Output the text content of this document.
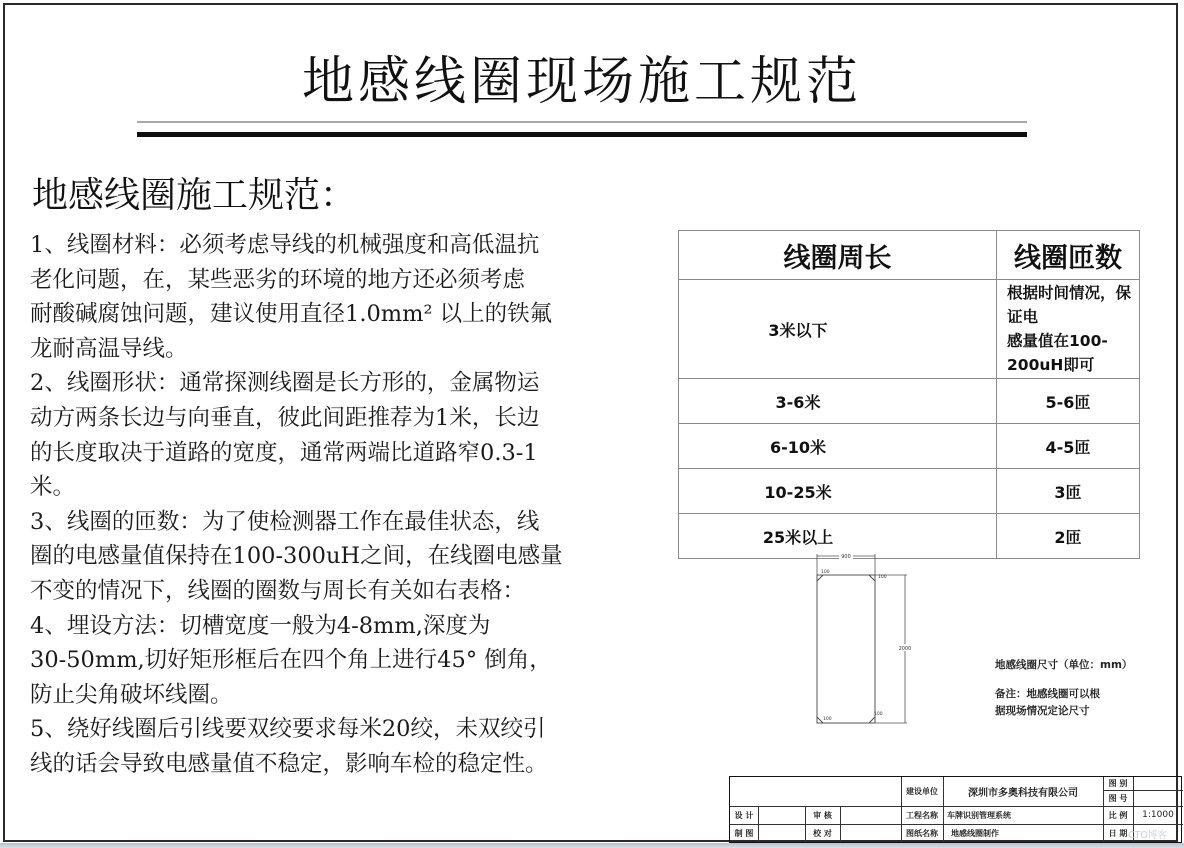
地感线圈现场施工规范
地感线圈施工规范：

1、线圈材料：必须考虑导线的机械强度和高低温抗

老化问题，在，某些恶劣的环境的地方还必须考虑

耐酸碱腐蚀问题，建议使用直径1.0mm² 以上的铁氟

龙耐高温导线。

2、线圈形状：通常探测线圈是长方形的，金属物运

动方两条长边与向垂直，彼此间距推荐为1米，长边

的长度取决于道路的宽度，通常两端比道路窄0.3-1

米。

3、线圈的匝数：为了使检测器工作在最佳状态，线

圈的电感量值保持在100-300uH之间，在线圈电感量

不变的情况下，线圈的圈数与周长有关如右表格：

4、埋设方法：切槽宽度一般为4-8mm,深度为

30-50mm,切好矩形框后在四个角上进行45° 倒角，

防止尖角破坏线圈。

5、绕好线圈后引线要双绞要求每米20绞，未双绞引

线的话会导致电感量值不稳定，影响车检的稳定性。

线圈周长	线圈匝数
3米以下	根据时间情况，保证电
感量值在100-200uH即可

3-6米	5-6匝
6-10米	4-5匝
10-25米	3匝
25米以上	2匝
900
2000
100
100
100
100
地感线圈尺寸（单位：mm）
备注：地感线圈可以根
据现场情况定论尺寸
设 计	审 核
制 图	校 对
建设单位	深圳市多奥科技有限公司
工程名称	车牌识别管理系统
图纸名称	地感线圈制作
图 别
图 号
比 例	1:1000
日 期 CTO博客
